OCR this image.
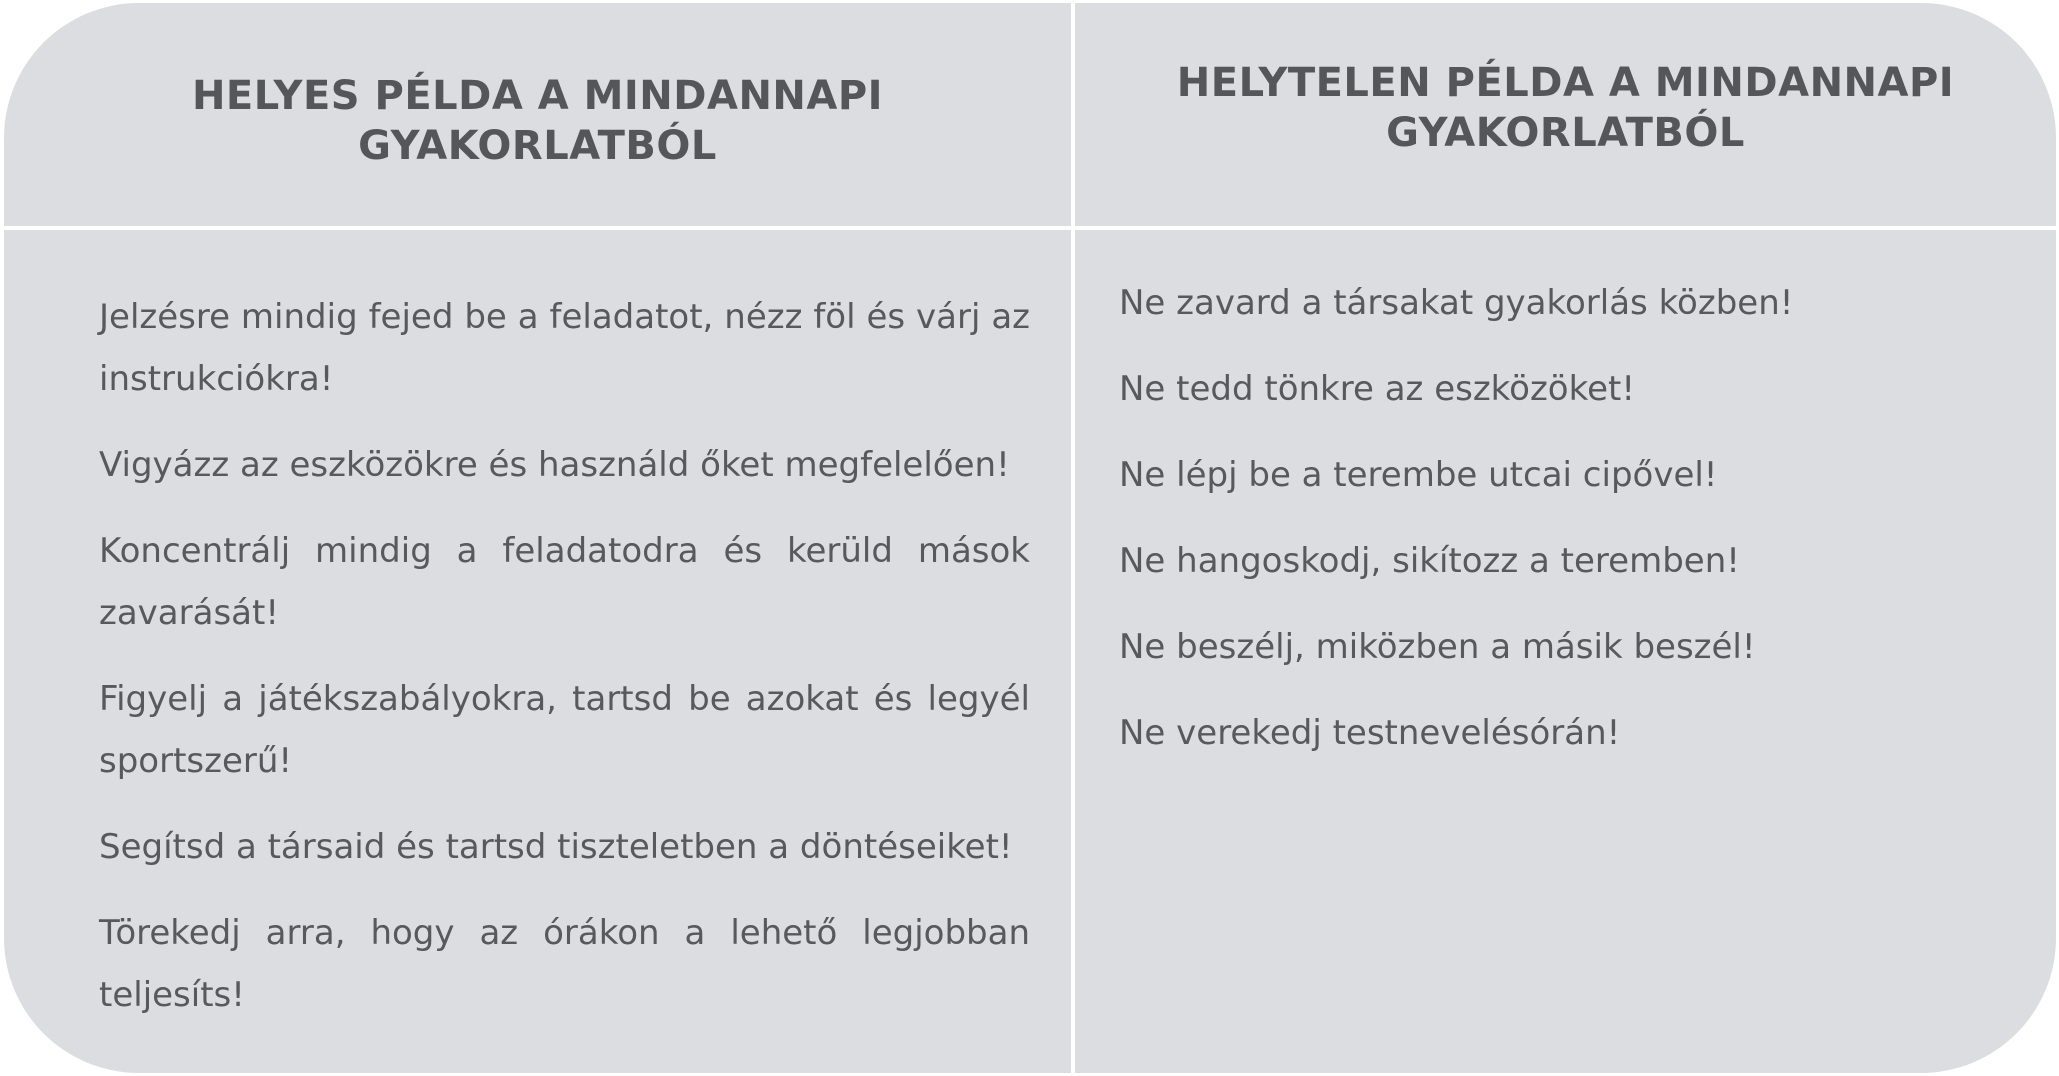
HELYES PÉLDA A MINDANNAPI GYAKORLATBÓL
HELYTELEN PÉLDA A MINDANNAPI GYAKORLATBÓL

Jelzésre mindig fejed be a feladatot, nézz föl és várj az instrukciókra!

Vigyázz az eszközökre és használd őket megfelelően!

Koncentrálj mindig a feladatodra és kerüld mások zavarását!

Figyelj a játékszabályokra, tartsd be azokat és legyél sportszerű!

Segítsd a társaid és tartsd tiszteletben a döntéseiket!

Törekedj arra, hogy az órákon a lehető legjobban teljesíts!

Ne zavard a társakat gyakorlás közben!

Ne tedd tönkre az eszközöket!

Ne lépj be a terembe utcai cipővel!

Ne hangoskodj, sikítozz a teremben!

Ne beszélj, miközben a másik beszél!

Ne verekedj testnevelésórán!
